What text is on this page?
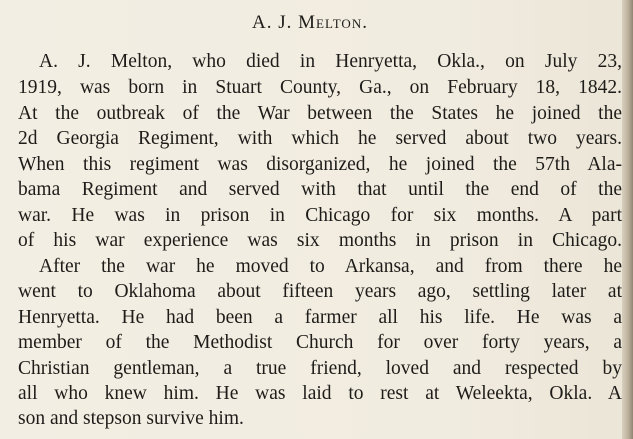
A. J. Melton.
A. J. Melton, who died in Henryetta, Okla., on July 23,
1919, was born in Stuart County, Ga., on February 18, 1842.
At the outbreak of the War between the States he joined the
2d Georgia Regiment, with which he served about two years.
When this regiment was disorganized, he joined the 57th Ala-
bama Regiment and served with that until the end of the
war. He was in prison in Chicago for six months. A part
of his war experience was six months in prison in Chicago.
After the war he moved to Arkansa, and from there he
went to Oklahoma about fifteen years ago, settling later at
Henryetta. He had been a farmer all his life. He was a
member of the Methodist Church for over forty years, a
Christian gentleman, a true friend, loved and respected by
all who knew him. He was laid to rest at Weleekta, Okla. A
son and stepson survive him.
